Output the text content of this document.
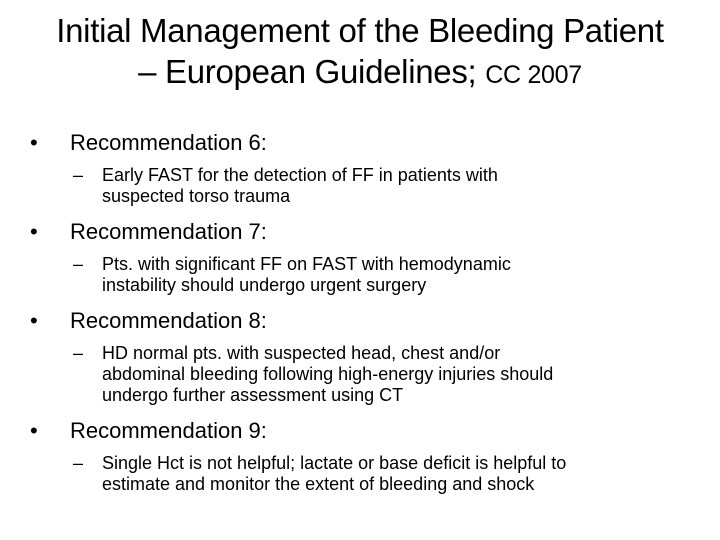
Initial Management of the Bleeding Patient
– European Guidelines; CC 2007
•	Recommendation 6:
– Early FAST for the detection of FF in patients with
suspected torso trauma
•	Recommendation 7:
– Pts. with significant FF on FAST with hemodynamic
instability should undergo urgent surgery
•	Recommendation 8:
– HD normal pts. with suspected head, chest and/or
abdominal bleeding following high-energy injuries should
undergo further assessment using CT
•	Recommendation 9:
– Single Hct is not helpful; lactate or base deficit is helpful to
estimate and monitor the extent of bleeding and shock
